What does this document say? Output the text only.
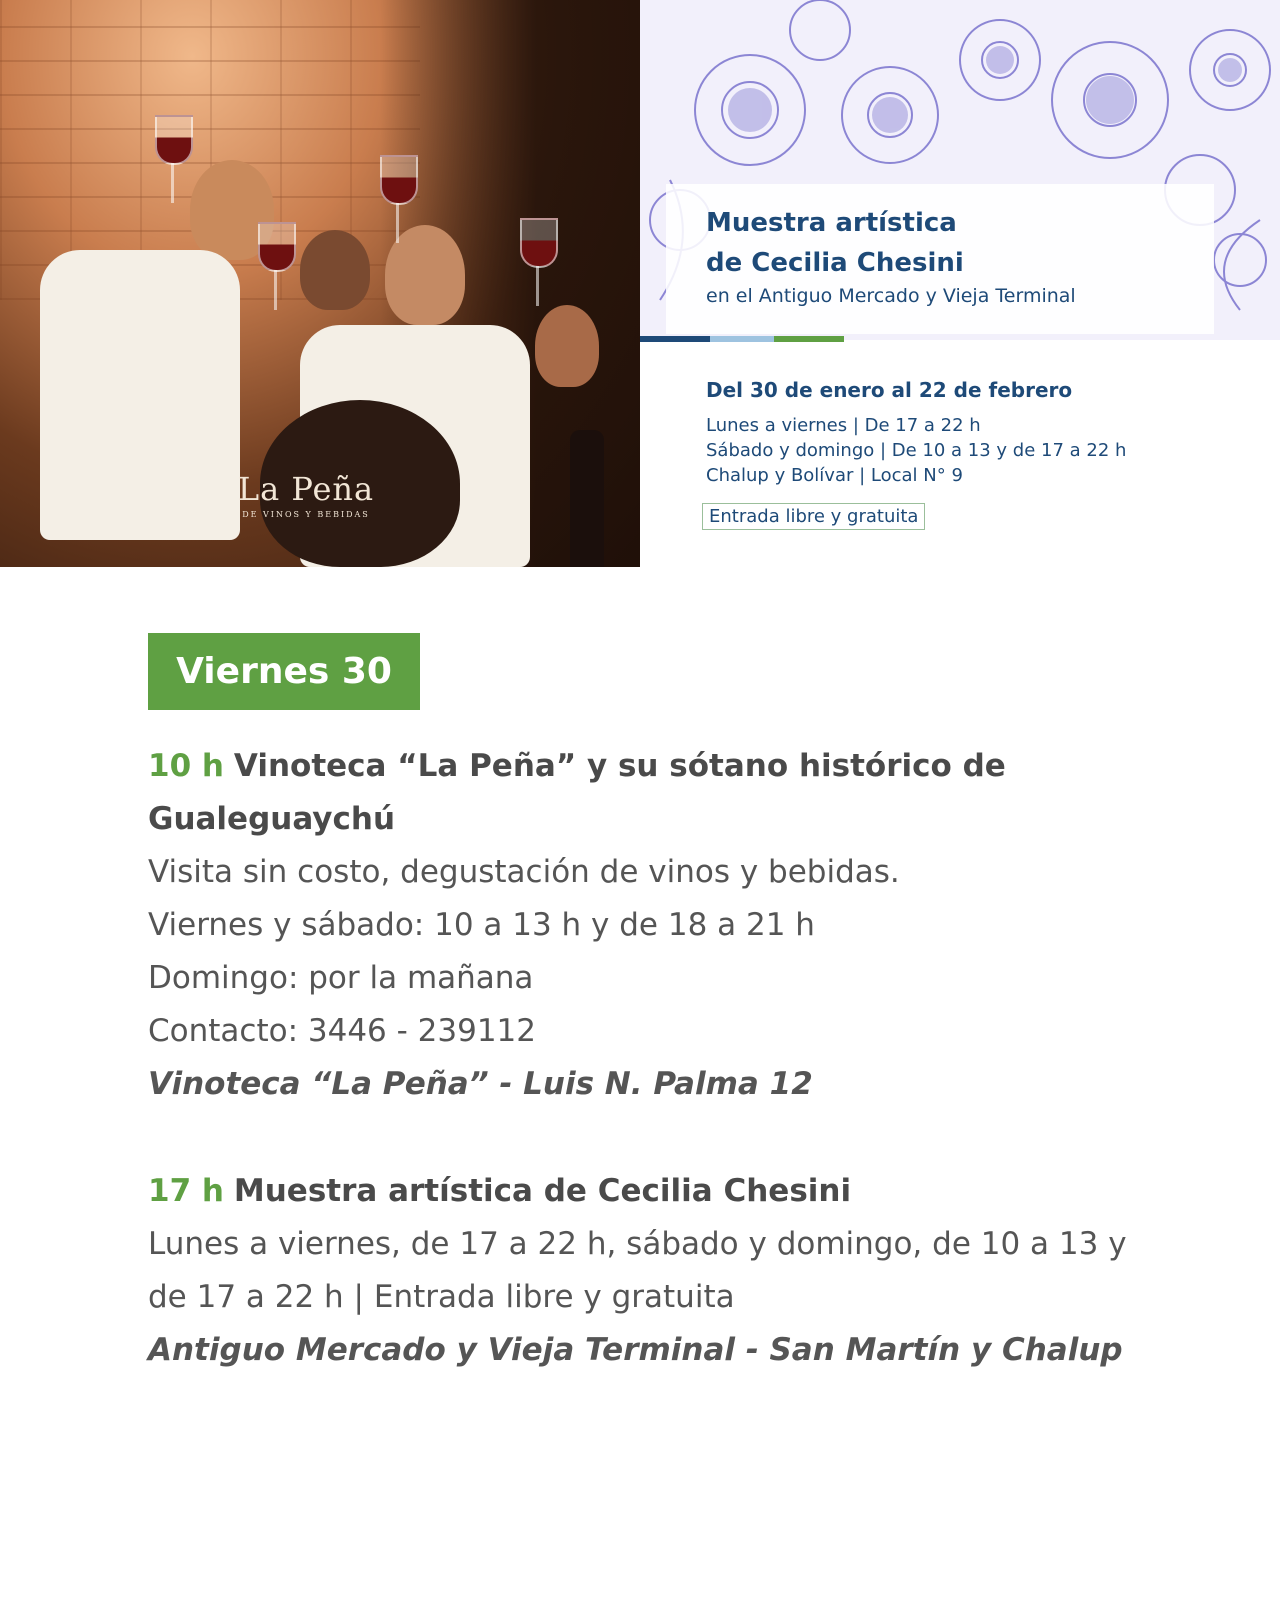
La Peña
DE VINOS Y BEBIDAS
Muestra artística
de Cecilia Chesini
en el Antiguo Mercado y Vieja Terminal
Del 30 de enero al 22 de febrero
Lunes a viernes | De 17 a 22 h
Sábado y domingo | De 10 a 13 y de 17 a 22 h
Chalup y Bolívar | Local N° 9
Entrada libre y gratuita
Viernes 30

10 h Vinoteca “La Peña” y su sótano histórico de Gualeguaychú

Visita sin costo, degustación de vinos y bebidas.

Viernes y sábado: 10 a 13 h y de 18 a 21 h

Domingo: por la mañana

Contacto: 3446 - 239112

Vinoteca “La Peña” - Luis N. Palma 12

17 h Muestra artística de Cecilia Chesini

Lunes a viernes, de 17 a 22 h, sábado y domingo, de 10 a 13 y de 17 a 22 h | Entrada libre y gratuita

Antiguo Mercado y Vieja Terminal - San Martín y Chalup
